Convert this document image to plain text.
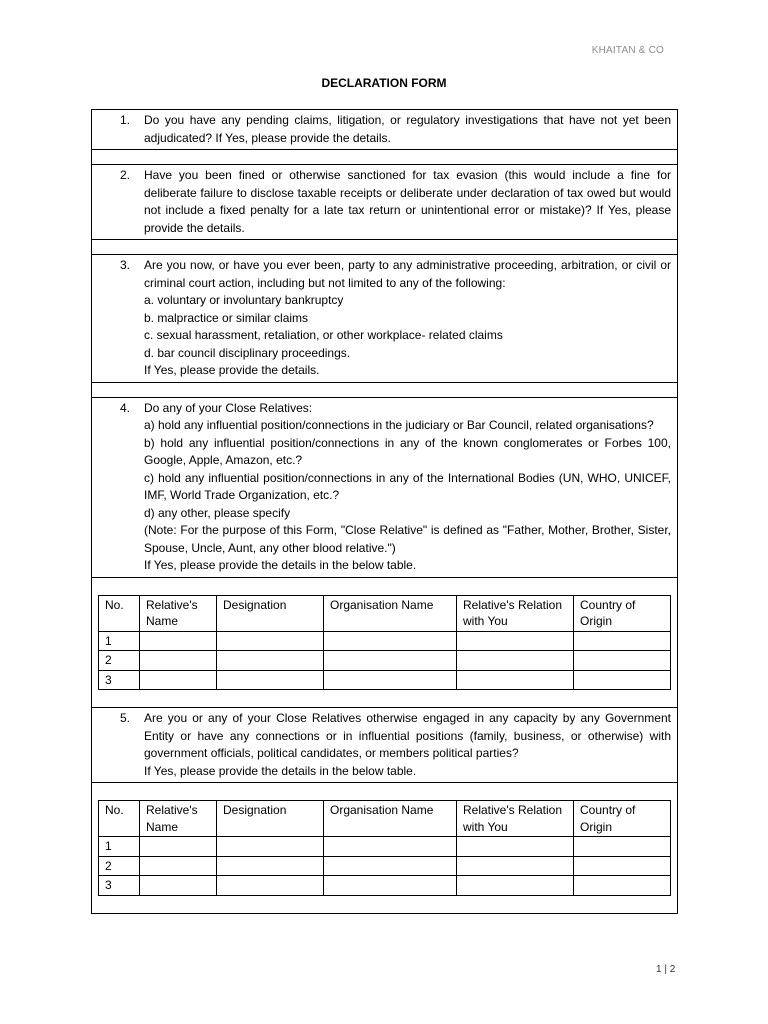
KHAITAN & CO
DECLARATION FORM
1. Do you have any pending claims, litigation, or regulatory investigations that have not yet been adjudicated? If Yes, please provide the details.

2. Have you been fined or otherwise sanctioned for tax evasion (this would include a fine for deliberate failure to disclose taxable receipts or deliberate under declaration of tax owed but would not include a fixed penalty for a late tax return or unintentional error or mistake)? If Yes, please provide the details.

3. Are you now, or have you ever been, party to any administrative proceeding, arbitration, or civil or criminal court action, including but not limited to any of the following:

a. voluntary or involuntary bankruptcy
b. malpractice or similar claims
c. sexual harassment, retaliation, or other workplace- related claims
d. bar council disciplinary proceedings.
If Yes, please provide the details.
4. Do any of your Close Relatives:

a) hold any influential position/connections in the judiciary or Bar Council, related organisations?

b) hold any influential position/connections in any of the known conglomerates or Forbes 100, Google, Apple, Amazon, etc.?

c) hold any influential position/connections in any of the International Bodies (UN, WHO, UNICEF, IMF, World Trade Organization, etc.?

d) any other, please specify

(Note: For the purpose of this Form, "Close Relative" is defined as "Father, Mother, Brother, Sister, Spouse, Uncle, Aunt, any other blood relative.")

If Yes, please provide the details in the below table.
No.	Relative's Name	Designation	Organisation Name	Relative's Relation with You	Country of Origin
1					
2					
3					
5. Are you or any of your Close Relatives otherwise engaged in any capacity by any Government Entity or have any connections or in influential positions (family, business, or otherwise) with government officials, political candidates, or members political parties?

If Yes, please provide the details in the below table.
No.	Relative's Name	Designation	Organisation Name	Relative's Relation with You	Country of Origin
1					
2					
3					
1 | 2
